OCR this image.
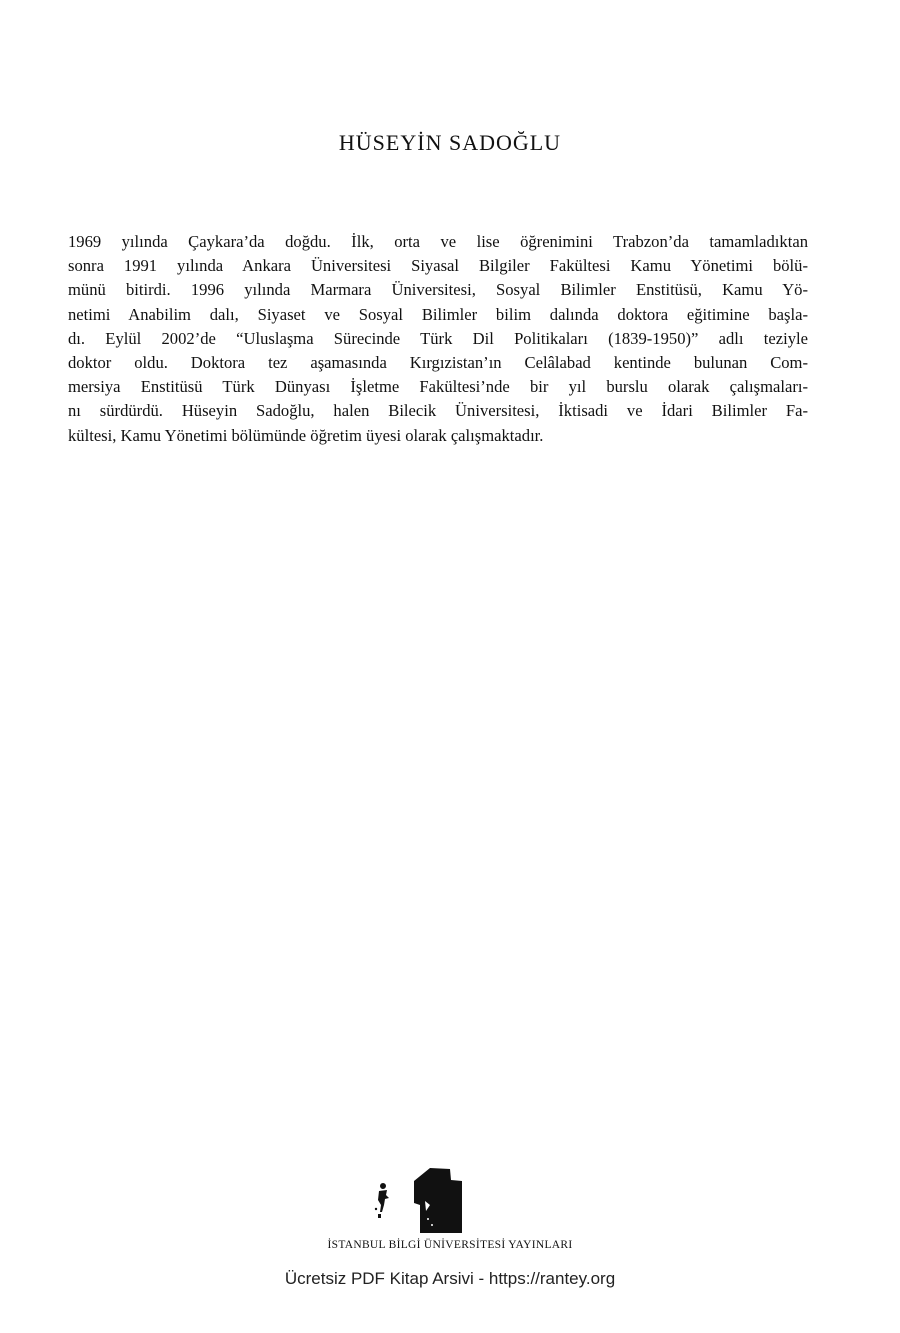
HÜSEYİN SADOĞLU
1969 yılında Çaykara’da doğdu. İlk, orta ve lise öğrenimini Trabzon’da tamamladıktan
sonra 1991 yılında Ankara Üniversitesi Siyasal Bilgiler Fakültesi Kamu Yönetimi bölü-
münü bitirdi. 1996 yılında Marmara Üniversitesi, Sosyal Bilimler Enstitüsü, Kamu Yö-
netimi Anabilim dalı, Siyaset ve Sosyal Bilimler bilim dalında doktora eğitimine başla-
dı. Eylül 2002’de “Uluslaşma Sürecinde Türk Dil Politikaları (1839-1950)” adlı teziyle
doktor oldu. Doktora tez aşamasında Kırgızistan’ın Celâlabad kentinde bulunan Com-
mersiya Enstitüsü Türk Dünyası İşletme Fakültesi’nde bir yıl burslu olarak çalışmaları-
nı sürdürdü. Hüseyin Sadoğlu, halen Bilecik Üniversitesi, İktisadi ve İdari Bilimler Fa-
kültesi, Kamu Yönetimi bölümünde öğretim üyesi olarak çalışmaktadır.
İSTANBUL BİLGİ ÜNİVERSİTESİ YAYINLARI
Ücretsiz PDF Kitap Arsivi - https://rantey.org
